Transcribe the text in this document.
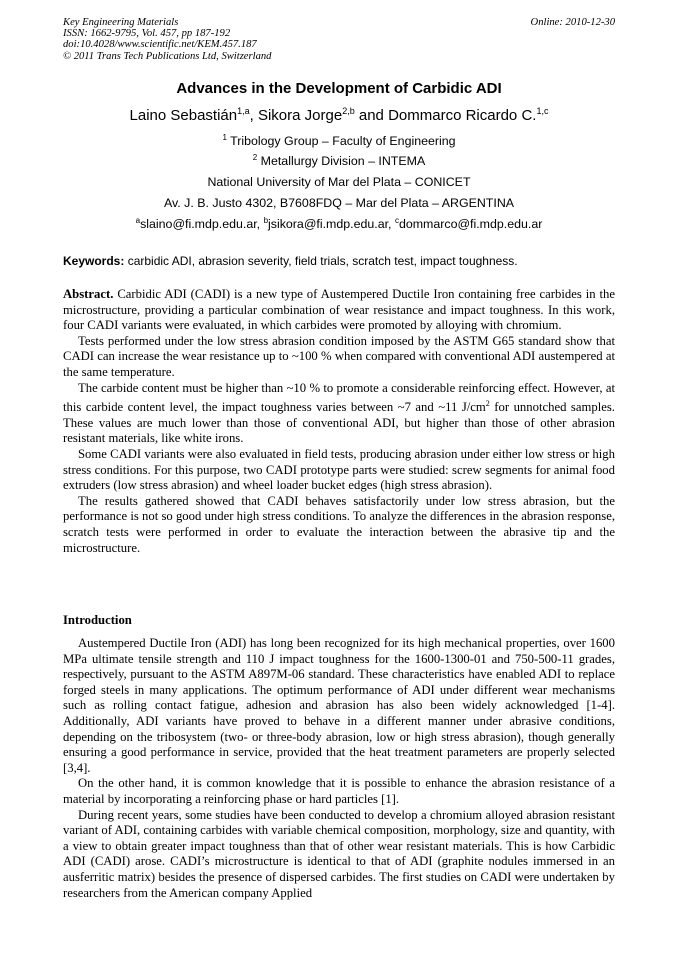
Key Engineering Materials
ISSN: 1662-9795, Vol. 457, pp 187-192
doi:10.4028/www.scientific.net/KEM.457.187
© 2011 Trans Tech Publications Ltd, Switzerland
Online: 2010-12-30
Advances in the Development of Carbidic ADI
Laino Sebastián$^{1,a}$, Sikora Jorge$^{2,b}$ and Dommarco Ricardo C.$^{1,c}$
$^1$ Tribology Group – Faculty of Engineering
$^2$ Metallurgy Division – INTEMA
National University of Mar del Plata – CONICET
Av. J. B. Justo 4302, B7608FDQ – Mar del Plata – ARGENTINA
$^a$slaino@fi.mdp.edu.ar, $^b$jsikora@fi.mdp.edu.ar, $^c$dommarco@fi.mdp.edu.ar
Keywords: carbidic ADI, abrasion severity, field trials, scratch test, impact toughness.

Abstract. Carbidic ADI (CADI) is a new type of Austempered Ductile Iron containing free carbides in the microstructure, providing a particular combination of wear resistance and impact toughness. In this work, four CADI variants were evaluated, in which carbides were promoted by alloying with chromium.

Tests performed under the low stress abrasion condition imposed by the ASTM G65 standard show that CADI can increase the wear resistance up to ~100 % when compared with conventional ADI austempered at the same temperature.

The carbide content must be higher than ~10 % to promote a considerable reinforcing effect. However, at this carbide content level, the impact toughness varies between ~7 and ~11 $J/cm^2$ for unnotched samples. These values are much lower than those of conventional ADI, but higher than those of other abrasion resistant materials, like white irons.

Some CADI variants were also evaluated in field tests, producing abrasion under either low stress or high stress conditions. For this purpose, two CADI prototype parts were studied: screw segments for animal food extruders (low stress abrasion) and wheel loader bucket edges (high stress abrasion).

The results gathered showed that CADI behaves satisfactorily under low stress abrasion, but the performance is not so good under high stress conditions. To analyze the differences in the abrasion response, scratch tests were performed in order to evaluate the interaction between the abrasive tip and the microstructure.

Introduction

Austempered Ductile Iron (ADI) has long been recognized for its high mechanical properties, over 1600 MPa ultimate tensile strength and 110 J impact toughness for the 1600-1300-01 and 750-500-11 grades, respectively, pursuant to the ASTM A897M-06 standard. These characteristics have enabled ADI to replace forged steels in many applications. The optimum performance of ADI under different wear mechanisms such as rolling contact fatigue, adhesion and abrasion has also been widely acknowledged [1-4]. Additionally, ADI variants have proved to behave in a different manner under abrasive conditions, depending on the tribosystem (two- or three-body abrasion, low or high stress abrasion), though generally ensuring a good performance in service, provided that the heat treatment parameters are properly selected [3,4].

On the other hand, it is common knowledge that it is possible to enhance the abrasion resistance of a material by incorporating a reinforcing phase or hard particles [1].

During recent years, some studies have been conducted to develop a chromium alloyed abrasion resistant variant of ADI, containing carbides with variable chemical composition, morphology, size and quantity, with a view to obtain greater impact toughness than that of other wear resistant materials. This is how Carbidic ADI (CADI) arose. CADI’s microstructure is identical to that of ADI (graphite nodules immersed in an ausferritic matrix) besides the presence of dispersed carbides. The first studies on CADI were undertaken by researchers from the American company Applied
